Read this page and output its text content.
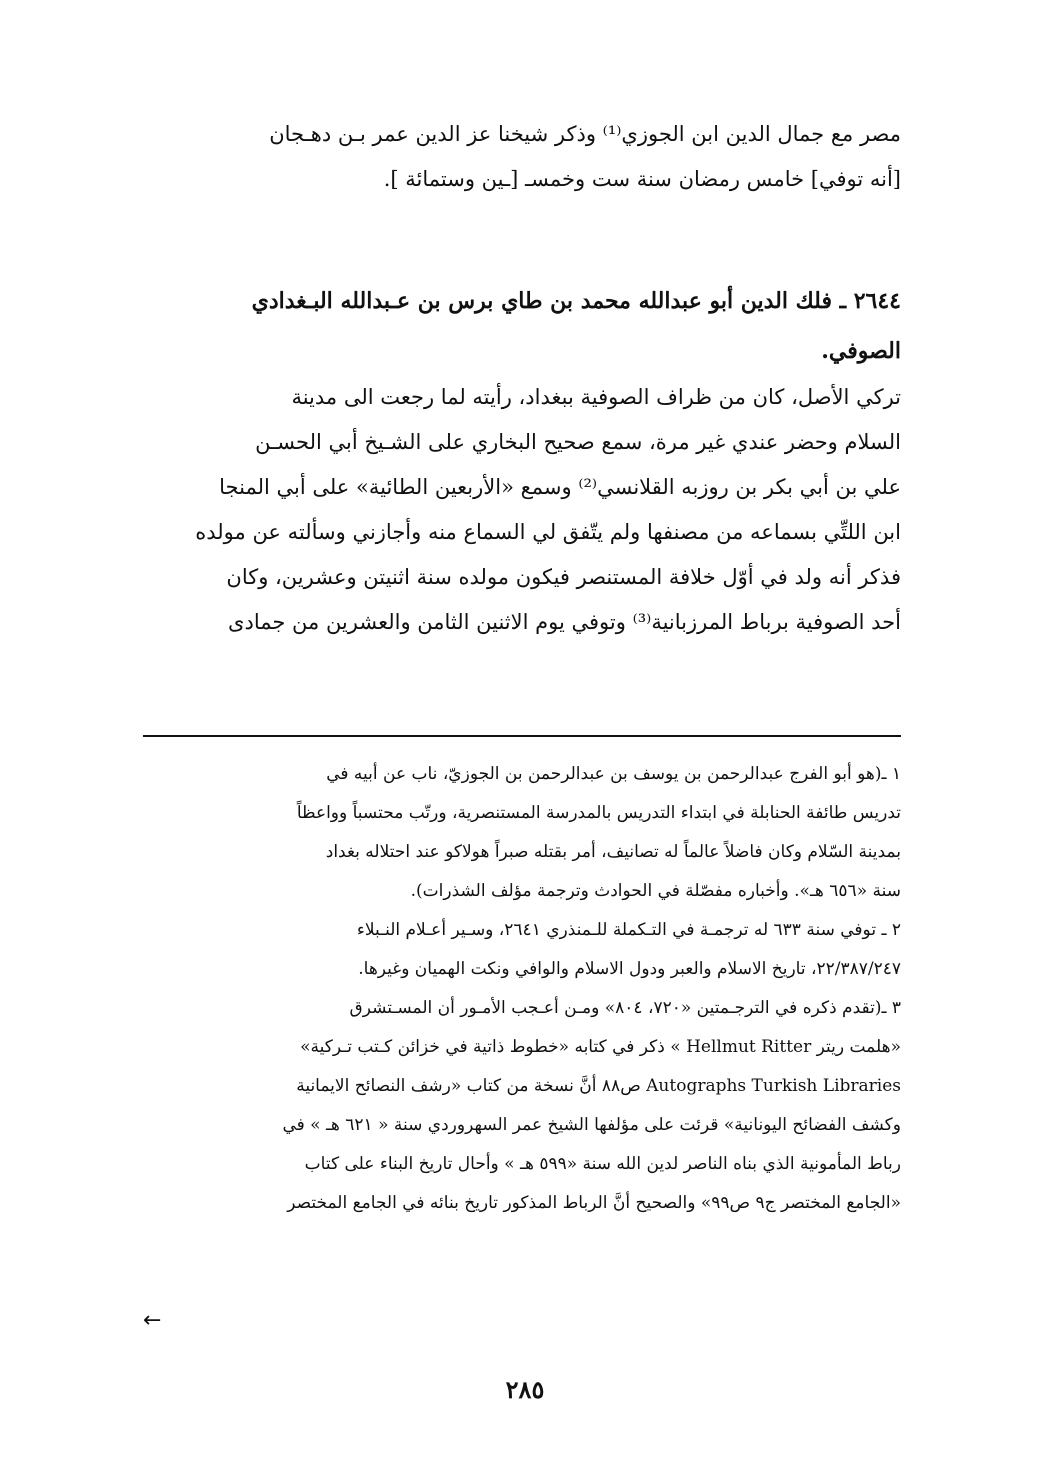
مصر مع جمال الدين ابن الجوزي⁽¹⁾ وذكر شيخنا عز الدين عمر بـن دهـجان
[أنه توفي] خامس رمضان سنة ست وخمسـ [ـين وستمائة ].
٢٦٤٤ ـ فلك الدين أبو عبدالله محمد بن طاي برس بن عـبدالله البـغدادي
الصوفي.
تركي الأصل، كان من ظراف الصوفية ببغداد، رأيته لما رجعت الى مدينة
السلام وحضر عندي غير مرة، سمع صحيح البخاري على الشـيخ أبي الحسـن
علي بن أبي بكر بن روزبه القلانسي⁽²⁾ وسمع «الأربعين الطائية» على أبي المنجا
ابن اللتِّي بسماعه من مصنفها ولم يتّفق لي السماع منه وأجازني وسألته عن مولده
فذكر أنه ولد في أوّل خلافة المستنصر فيكون مولده سنة اثنيتن وعشرين، وكان
أحد الصوفية برباط المرزبانية⁽³⁾ وتوفي يوم الاثنين الثامن والعشرين من جمادى
١ ـ(هو أبو الفرج عبدالرحمن بن يوسف بن عبدالرحمن بن الجوزيّ، ناب عن أبيه في
تدريس طائفة الحنابلة في ابتداء التدريس بالمدرسة المستنصرية، ورتّب محتسباً وواعظاً
بمدينة السّلام وكان فاضلاً عالماً له تصانيف، أمر بقتله صبراً هولاكو عند احتلاله بغداد
سنة «٦٥٦ هـ». وأخباره مفصّلة في الحوادث وترجمة مؤلف الشذرات).
٢ ـ توفي سنة ٦٣٣ له ترجمـة في التـكملة للـمنذري ٢٦٤١، وسـير أعـلام النـبلاء
٢٢/٣٨٧/٢٤٧، تاريخ الاسلام والعبر ودول الاسلام والوافي ونكت الهميان وغيرها.
٣ ـ(تقدم ذكره في الترجـمتين «٧٢٠، ٨٠٤» ومـن أعـجب الأمـور أن المسـتشرق
«هلمت ريتر Hellmut Ritter » ذكر في كتابه «خطوط ذاتية في خزائن كـتب تـركية»
Autographs Turkish Libraries ص٨٨ أنَّ نسخة من كتاب «رشف النصائح الايمانية
وكشف الفضائح اليونانية» قرئت على مؤلفها الشيخ عمر السهروردي سنة « ٦٢١ هـ » في
رباط المأمونية الذي بناه الناصر لدين الله سنة «٥٩٩ هـ » وأحال تاريخ البناء على كتاب
«الجامع المختصر ج٩ ص٩٩» والصحيح أنَّ الرباط المذكور تاريخ بنائه في الجامع المختصر
←
٢٨٥
